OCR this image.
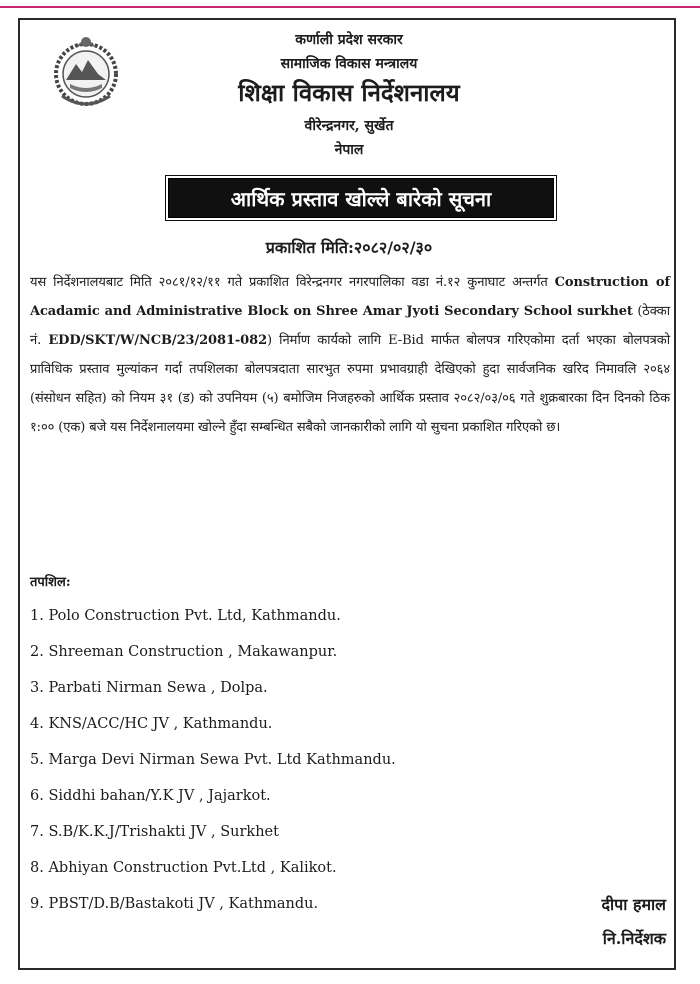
कर्णाली प्रदेश सरकार
सामाजिक विकास मन्त्रालय
शिक्षा विकास निर्देशनालय
वीरेन्द्रनगर, सुर्खेत
नेपाल
आर्थिक प्रस्ताव खोल्ले बारेको सूचना
प्रकाशित मिति:२०८२/०२/३०
यस निर्देशनालयबाट मिति २०८१/१२/११ गते प्रकाशित विरेन्द्रनगर नगरपालिका वडा नं.१२ कुनाघाट अन्तर्गत Construction of Acadamic and Administrative Block on Shree Amar Jyoti Secondary School surkhet (ठेक्का नं. EDD/SKT/W/NCB/23/2081-082) निर्माण कार्यको लागि E-Bid मार्फत बोलपत्र गरिएकोमा दर्ता भएका बोलपत्रको प्राविधिक प्रस्ताव मुल्यांकन गर्दा तपशिलका बोलपत्रदाता सारभुत रुपमा प्रभावग्राही देखिएको हुदा सार्वजनिक खरिद निमावलि २०६४ (संसोधन सहित) को नियम ३१ (ड) को उपनियम (५) बमोजिम निजहरुको आर्थिक प्रस्ताव २०८२/०३/०६ गते शुक्रबारका दिन दिनको ठिक १:०० (एक) बजे यस निर्देशनालयमा खोल्ने हुँदा सम्बन्धित सबैको जानकारीको लागि यो सुचना प्रकाशित गरिएको छ।
तपशिल:
1. Polo Construction Pvt. Ltd, Kathmandu.
2. Shreeman Construction , Makawanpur.
3. Parbati Nirman Sewa , Dolpa.
4. KNS/ACC/HC JV , Kathmandu.
5. Marga Devi Nirman Sewa Pvt. Ltd Kathmandu.
6. Siddhi bahan/Y.K JV , Jajarkot.
7. S.B/K.K.J/Trishakti JV , Surkhet
8. Abhiyan Construction Pvt.Ltd , Kalikot.
9. PBST/D.B/Bastakoti JV , Kathmandu.	दीपा हमाल
नि.निर्देशक
